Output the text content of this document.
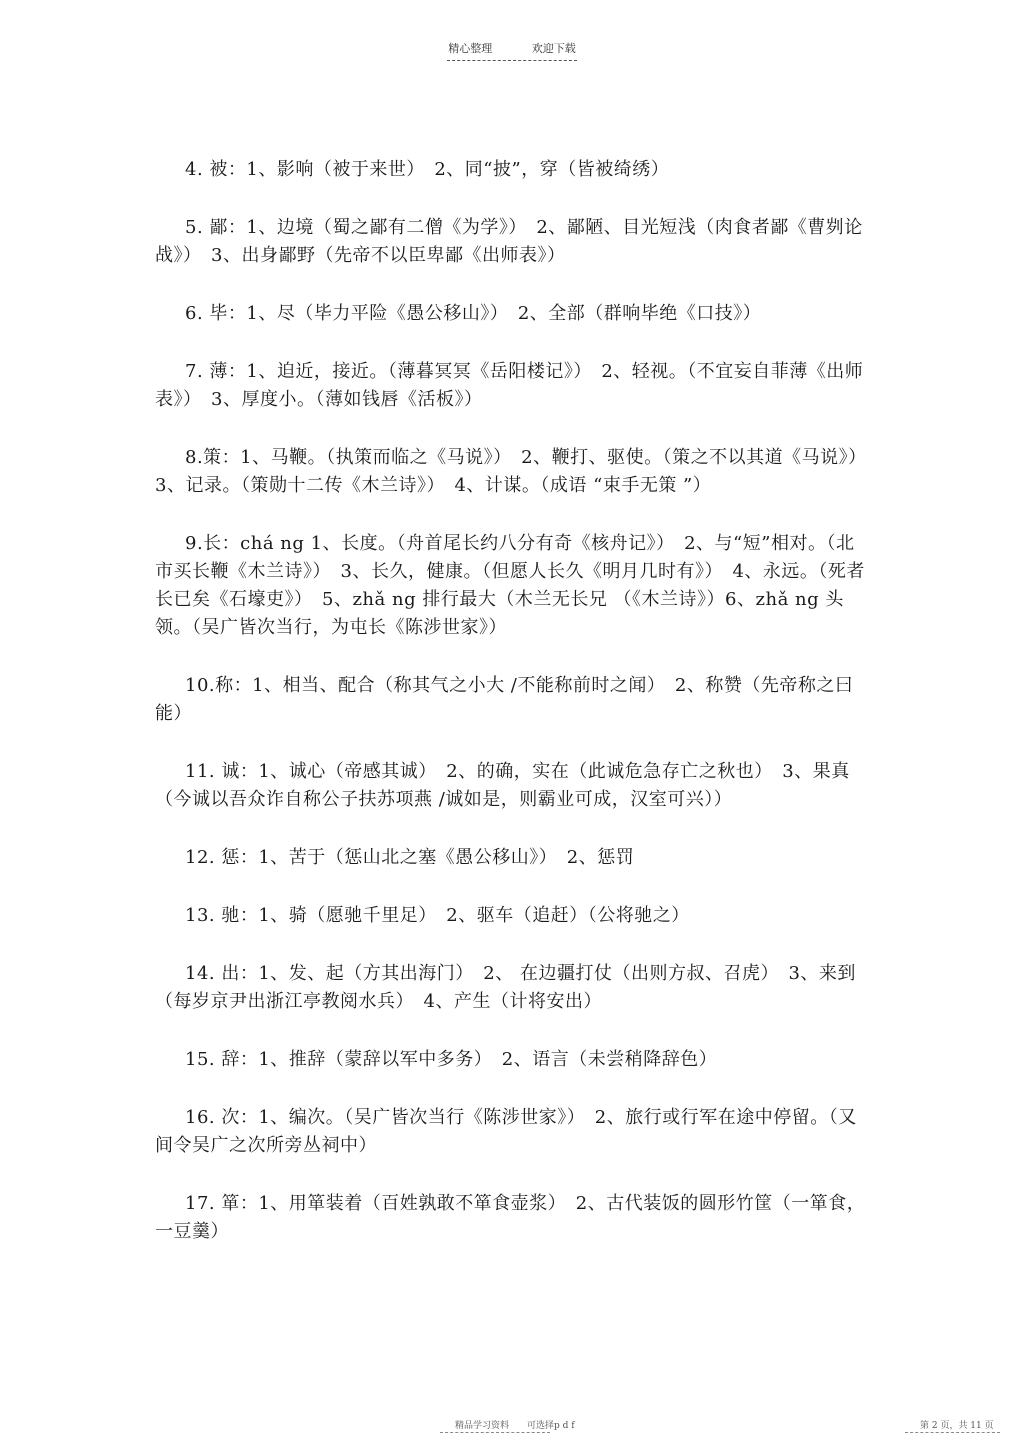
精心整理	欢迎下载

4. 被：1、影响（被于来世）　2、同“披”，穿（皆被绮绣）

5. 鄙：1、边境（蜀之鄙有二僧《为学》）　2、鄙陋、目光短浅（肉食者鄙《曹刿论战》）　3、出身鄙野（先帝不以臣卑鄙《出师表》）

6. 毕：1、尽（毕力平险《愚公移山》）　2、全部（群响毕绝《口技》）

7. 薄：1、迫近，接近。（薄暮冥冥《岳阳楼记》）　2、轻视。（不宜妄自菲薄《出师表》）　3、厚度小。（薄如钱唇《活板》）

8.策：1、马鞭。（执策而临之《马说》）　2、鞭打、驱使。（策之不以其道《马说》）　3、记录。（策勋十二传《木兰诗》）　4、计谋。（成语 “束手无策 ”）

9.长：chá ng 1、长度。（舟首尾长约八分有奇《核舟记》）　2、与“短”相对。（北市买长鞭《木兰诗》）　3、长久，健康。（但愿人长久《明月几时有》）　4、永远。（死者长已矣《石壕吏》）　5、zhǎ ng 排行最大（木兰无长兄 （《木兰诗》）6、zhǎ ng 头领。（吴广皆次当行，为屯长《陈涉世家》）

10.称：1、相当、配合（称其气之小大 /不能称前时之闻）　2、称赞（先帝称之曰能）

11. 诚：1、诚心（帝感其诚）　2、的确，实在（此诚危急存亡之秋也）　3、果真（今诚以吾众诈自称公子扶苏项燕 /诚如是，则霸业可成，汉室可兴））

12. 惩：1、苦于（惩山北之塞《愚公移山》）　2、惩罚

13. 驰：1、骑（愿驰千里足）　2、驱车（追赶）（公将驰之）

14. 出：1、发、起（方其出海门）　2、 在边疆打仗（出则方叔、召虎）　3、来到（每岁京尹出浙江亭教阅水兵）　4、产生（计将安出）

15. 辞：1、推辞（蒙辞以军中多务）　2、语言（未尝稍降辞色）

16. 次：1、编次。（吴广皆次当行《陈涉世家》）　2、旅行或行军在途中停留。（又间令吴广之次所旁丛祠中）

17. 箪：1、用箪装着（百姓孰敢不箪食壶浆）　2、古代装饭的圆形竹筐（一箪食，一豆羹）

精品学习资料　　可选择p d f	第 2 页，共 11 页
